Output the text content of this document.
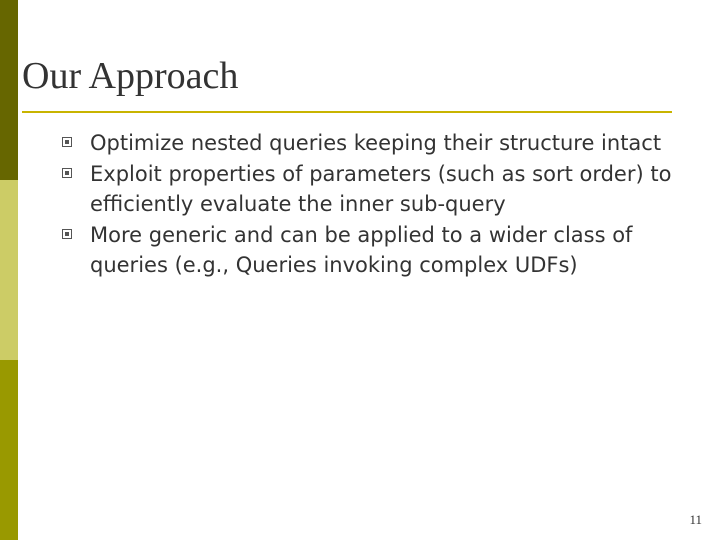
Our Approach
Optimize nested queries keeping their structure intact
Exploit properties of parameters (such as sort order) to efficiently evaluate the inner sub-query
More generic and can be applied to a wider class of queries (e.g., Queries invoking complex UDFs)
11
